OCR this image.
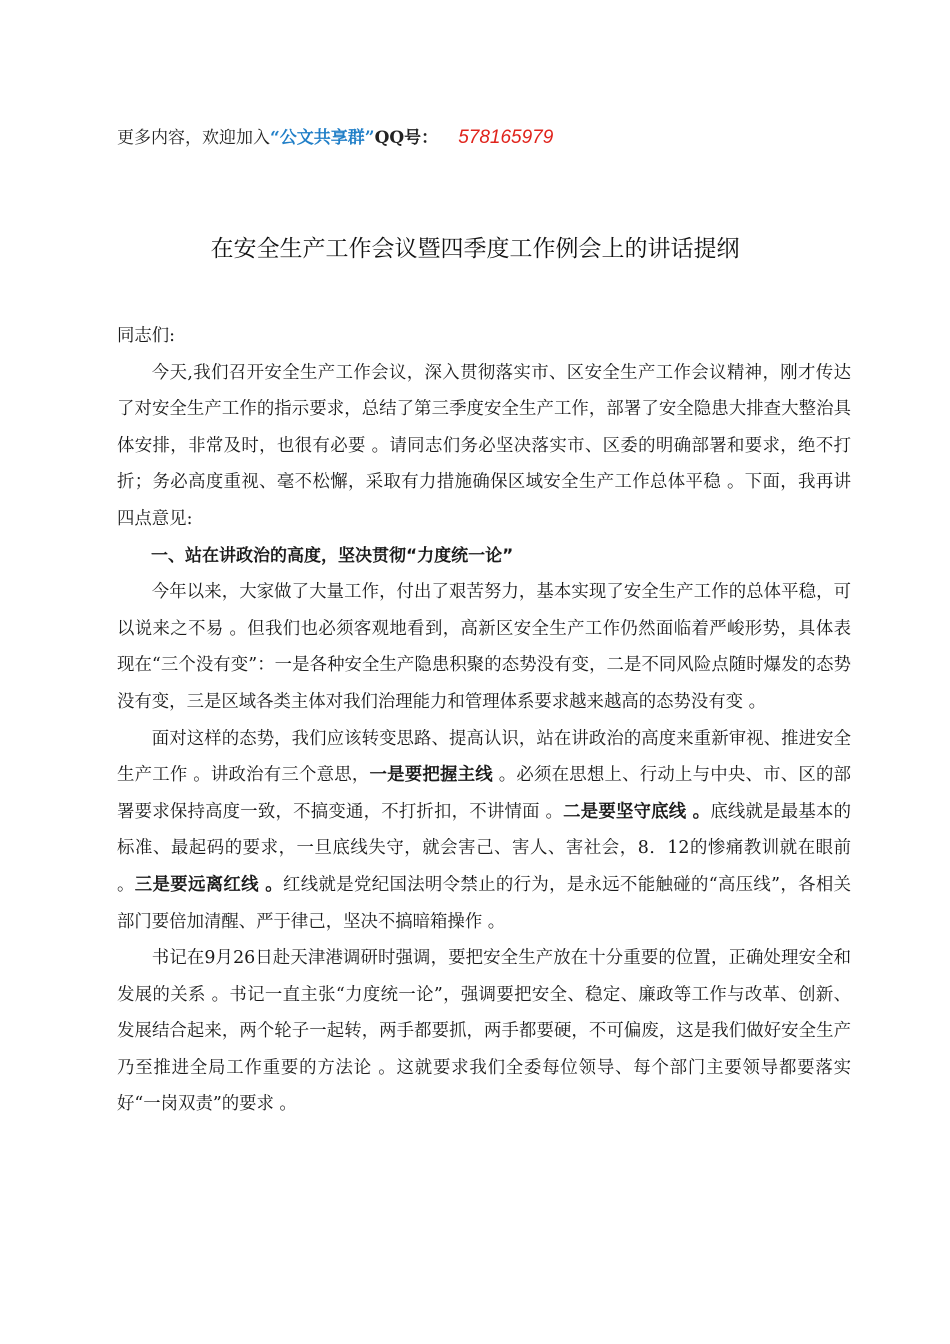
更多内容，欢迎加入“公文共享群”QQ号： 578165979
在安全生产工作会议暨四季度工作例会上的讲话提纲

同志们:

今天,我们召开安全生产工作会议，深入贯彻落实市、区安全生产工作会议精神，刚才传达了对安全生产工作的指示要求，总结了第三季度安全生产工作，部署了安全隐患大排查大整治具体安排，非常及时，也很有必要 。请同志们务必坚决落实市、区委的明确部署和要求，绝不打折；务必高度重视、毫不松懈，采取有力措施确保区域安全生产工作总体平稳 。下面，我再讲四点意见:

一、站在讲政治的高度，坚决贯彻“力度统一论”

今年以来，大家做了大量工作，付出了艰苦努力，基本实现了安全生产工作的总体平稳，可以说来之不易 。但我们也必须客观地看到，高新区安全生产工作仍然面临着严峻形势，具体表现在“三个没有变”：一是各种安全生产隐患积聚的态势没有变，二是不同风险点随时爆发的态势没有变，三是区域各类主体对我们治理能力和管理体系要求越来越高的态势没有变 。

面对这样的态势，我们应该转变思路、提高认识，站在讲政治的高度来重新审视、推进安全生产工作 。讲政治有三个意思，一是要把握主线 。必须在思想上、行动上与中央、市、区的部署要求保持高度一致，不搞变通，不打折扣，不讲情面 。二是要坚守底线 。底线就是最基本的标准、最起码的要求，一旦底线失守，就会害己、害人、害社会，8．12的惨痛教训就在眼前 。三是要远离红线 。红线就是党纪国法明令禁止的行为，是永远不能触碰的“高压线”，各相关部门要倍加清醒、严于律己，坚决不搞暗箱操作 。

书记在9月26日赴天津港调研时强调，要把安全生产放在十分重要的位置，正确处理安全和发展的关系 。书记一直主张“力度统一论”，强调要把安全、稳定、廉政等工作与改革、创新、发展结合起来，两个轮子一起转，两手都要抓，两手都要硬，不可偏废，这是我们做好安全生产乃至推进全局工作重要的方法论 。这就要求我们全委每位领导、每个部门主要领导都要落实好“一岗双责”的要求 。
